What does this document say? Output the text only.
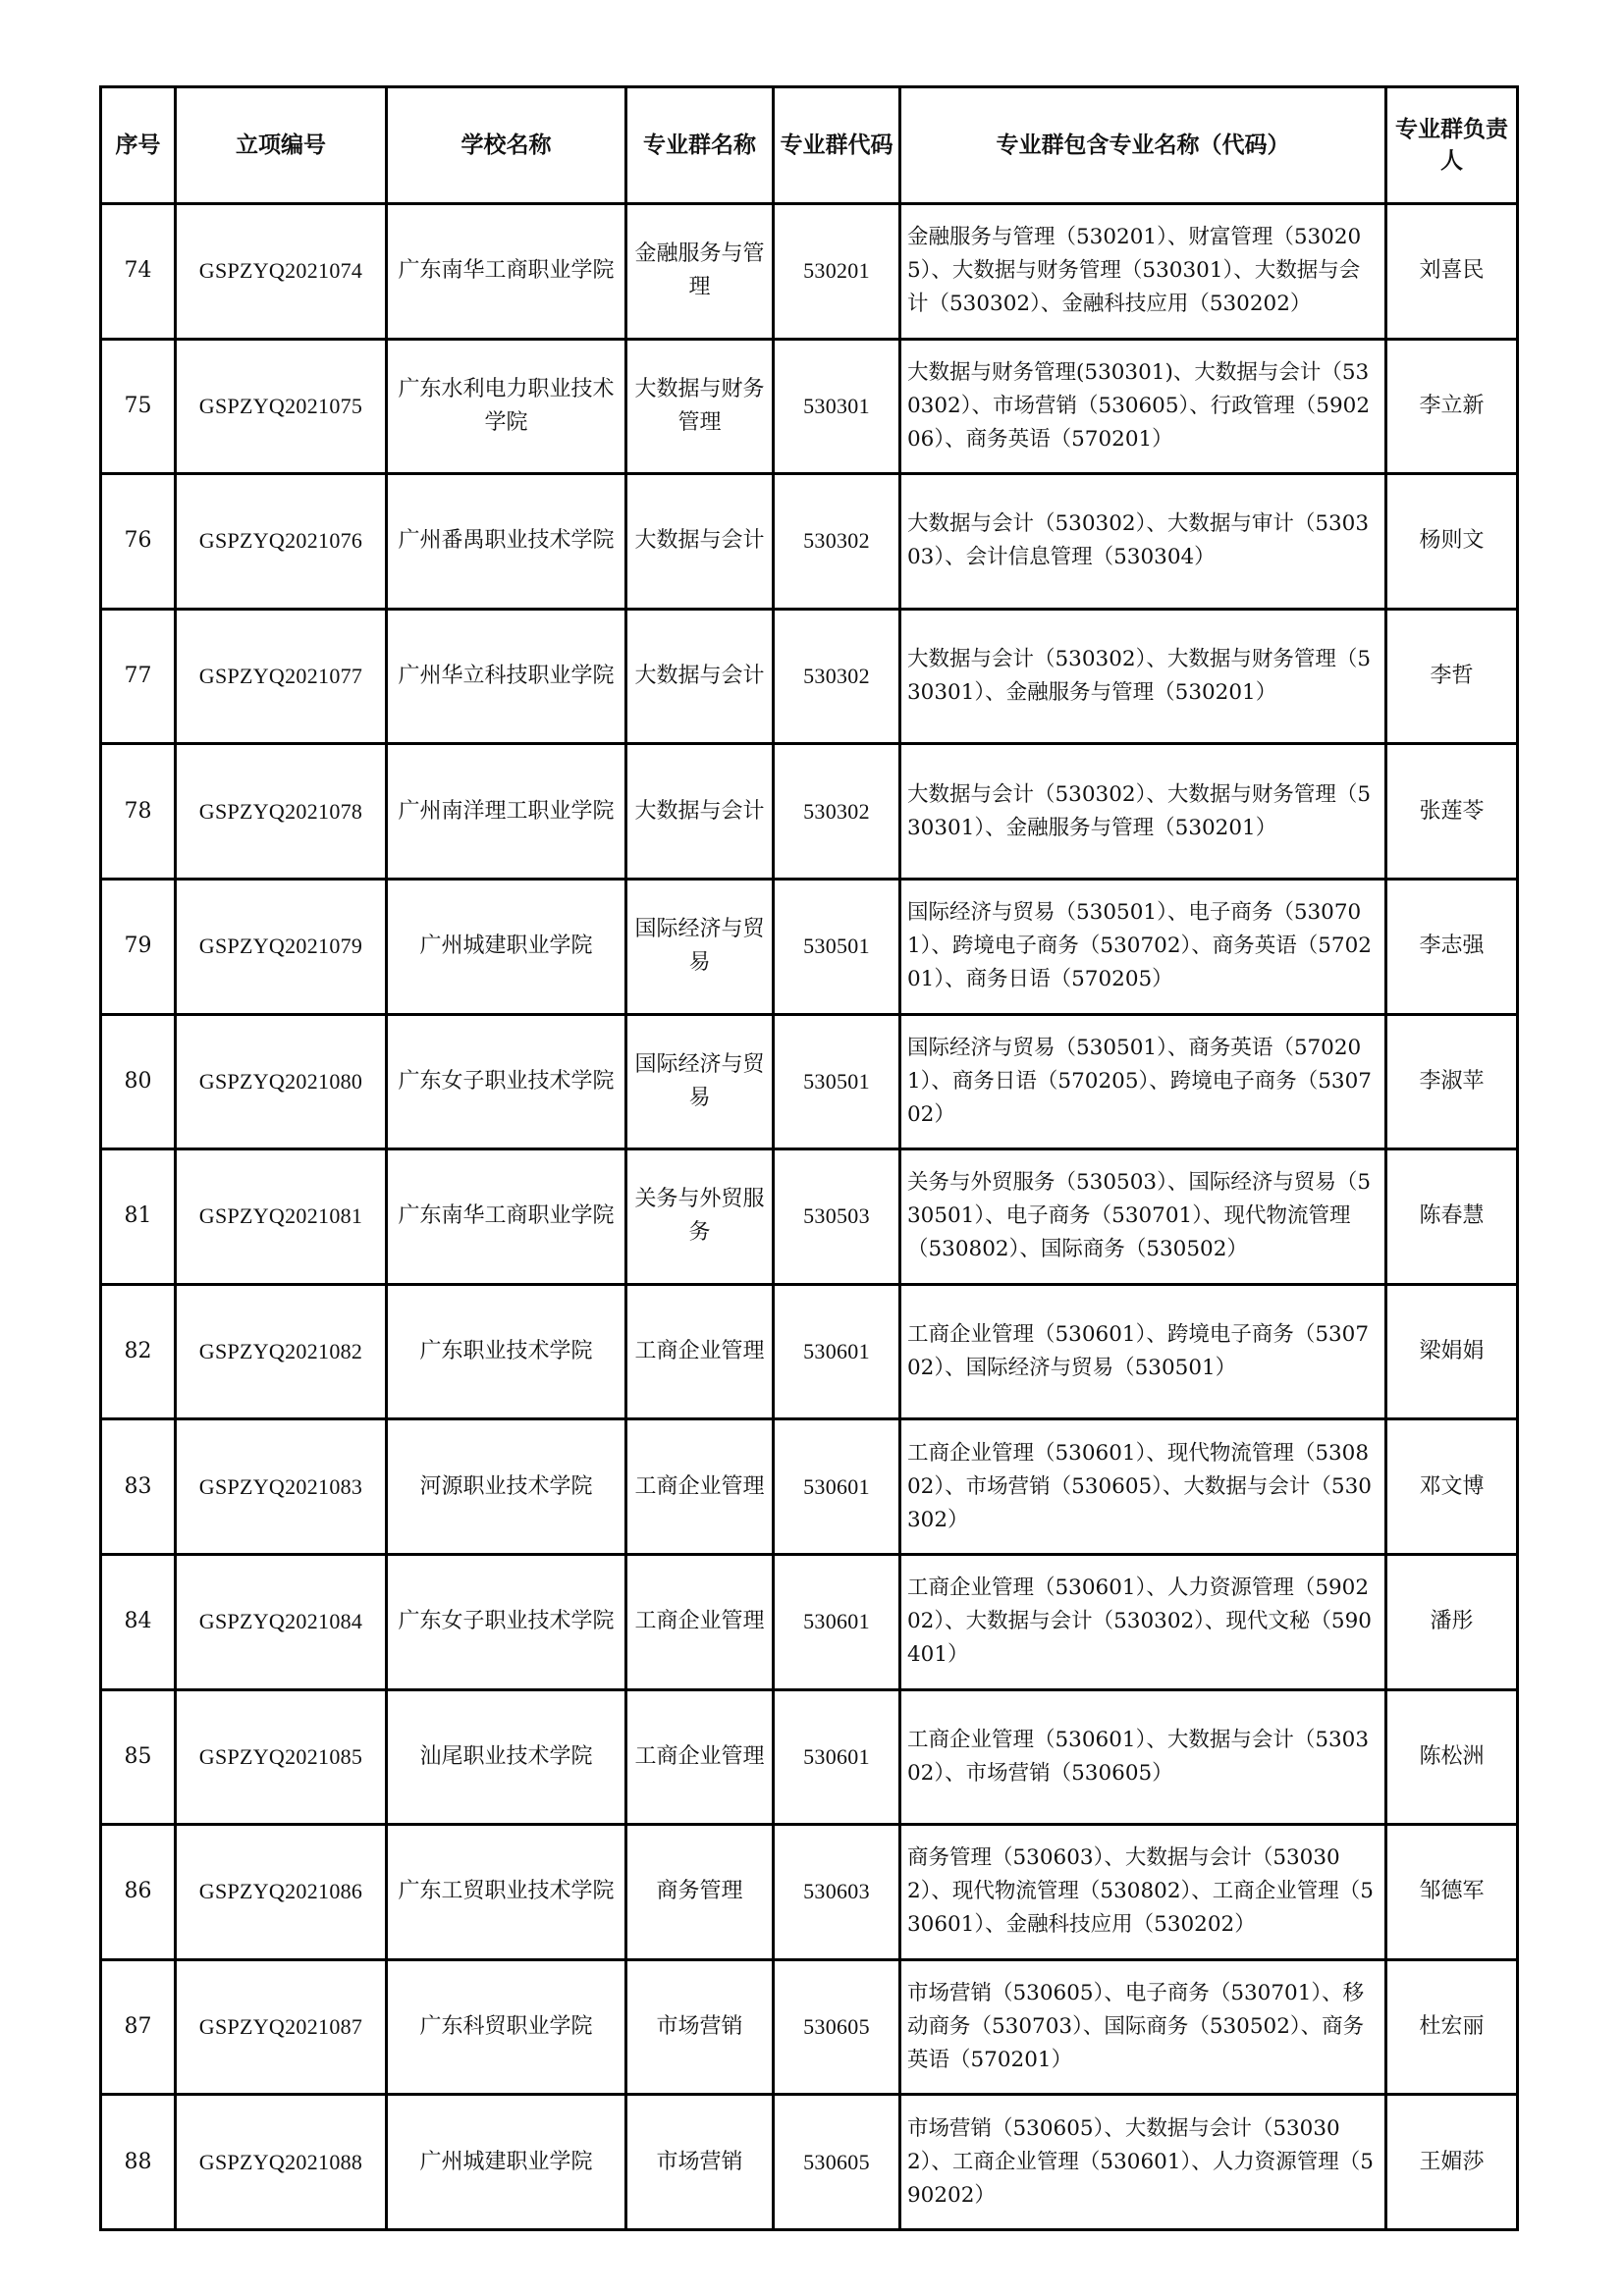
序号	立项编号	学校名称	专业群名称	专业群代码	专业群包含专业名称（代码）	专业群负责人
74	GSPZYQ2021074	广东南华工商职业学院	金融服务与管理	530201	金融服务与管理（530201）、财富管理（530205）、大数据与财务管理（530301）、大数据与会计（530302）、金融科技应用（530202）	刘喜民
75	GSPZYQ2021075	广东水利电力职业技术学院	大数据与财务管理	530301	大数据与财务管理(530301)、大数据与会计（530302）、市场营销（530605）、行政管理（590206）、商务英语（570201）	李立新
76	GSPZYQ2021076	广州番禺职业技术学院	大数据与会计	530302	大数据与会计（530302）、大数据与审计（530303）、会计信息管理（530304）	杨则文
77	GSPZYQ2021077	广州华立科技职业学院	大数据与会计	530302	大数据与会计（530302）、大数据与财务管理（530301）、金融服务与管理（530201）	李哲
78	GSPZYQ2021078	广州南洋理工职业学院	大数据与会计	530302	大数据与会计（530302）、大数据与财务管理（530301）、金融服务与管理（530201）	张莲苓
79	GSPZYQ2021079	广州城建职业学院	国际经济与贸易	530501	国际经济与贸易（530501）、电子商务（530701）、跨境电子商务（530702）、商务英语（570201）、商务日语（570205）	李志强
80	GSPZYQ2021080	广东女子职业技术学院	国际经济与贸易	530501	国际经济与贸易（530501）、商务英语（570201）、商务日语（570205）、跨境电子商务（530702）	李淑苹
81	GSPZYQ2021081	广东南华工商职业学院	关务与外贸服务	530503	关务与外贸服务（530503）、国际经济与贸易（530501）、电子商务（530701）、现代物流管理（530802）、国际商务（530502）	陈春慧
82	GSPZYQ2021082	广东职业技术学院	工商企业管理	530601	工商企业管理（530601）、跨境电子商务（530702）、国际经济与贸易（530501）	梁娟娟
83	GSPZYQ2021083	河源职业技术学院	工商企业管理	530601	工商企业管理（530601）、现代物流管理（530802）、市场营销（530605）、大数据与会计（530302）	邓文博
84	GSPZYQ2021084	广东女子职业技术学院	工商企业管理	530601	工商企业管理（530601）、人力资源管理（590202）、大数据与会计（530302）、现代文秘（590401）	潘彤
85	GSPZYQ2021085	汕尾职业技术学院	工商企业管理	530601	工商企业管理（530601）、大数据与会计（530302）、市场营销（530605）	陈松洲
86	GSPZYQ2021086	广东工贸职业技术学院	商务管理	530603	商务管理（530603）、大数据与会计（530302）、现代物流管理（530802）、工商企业管理（530601）、金融科技应用（530202）	邹德军
87	GSPZYQ2021087	广东科贸职业学院	市场营销	530605	市场营销（530605）、电子商务（530701）、移动商务（530703）、国际商务（530502）、商务英语（570201）	杜宏丽
88	GSPZYQ2021088	广州城建职业学院	市场营销	530605	市场营销（530605）、大数据与会计（530302）、工商企业管理（530601）、人力资源管理（590202）	王媚莎
